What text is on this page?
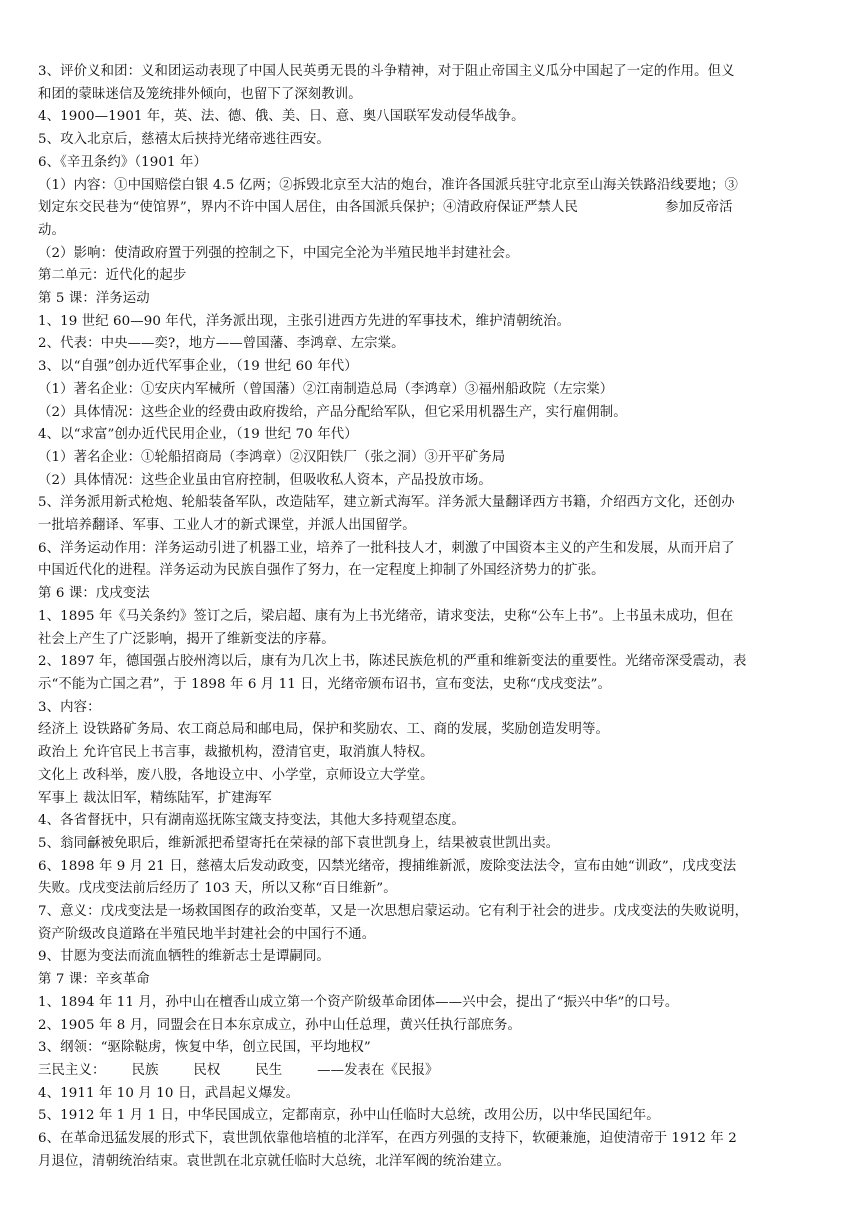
3、评价义和团：义和团运动表现了中国人民英勇无畏的斗争精神，对于阻止帝国主义瓜分中国起了一定的作用。但义
和团的蒙昧迷信及笼统排外倾向，也留下了深刻教训。
4、1900—1901 年，英、法、德、俄、美、日、意、奥八国联军发动侵华战争。
5、攻入北京后，慈禧太后挟持光绪帝逃往西安。
6、《辛丑条约》（1901 年）
（1）内容：①中国赔偿白银 4.5 亿两；②拆毁北京至大沽的炮台，准许各国派兵驻守北京至山海关铁路沿线要地；③
划定东交民巷为“使馆界”，界内不许中国人居住，由各国派兵保护；④清政府保证严禁人民                    参加反帝活
动。
（2）影响：使清政府置于列强的控制之下，中国完全沦为半殖民地半封建社会。
第二单元：近代化的起步
第 5 课：洋务运动
1、19 世纪 60—90 年代，洋务派出现，主张引进西方先进的军事技术，维护清朝统治。
2、代表：中央——奕?，地方——曾国藩、李鸿章、左宗棠。
3、以“自强”创办近代军事企业，（19 世纪 60 年代）
（1）著名企业：①安庆内军械所（曾国藩）②江南制造总局（李鸿章）③福州船政院（左宗棠）
（2）具体情况：这些企业的经费由政府拨给，产品分配给军队，但它采用机器生产，实行雇佣制。
4、以“求富”创办近代民用企业，（19 世纪 70 年代）
（1）著名企业：①轮船招商局（李鸿章）②汉阳铁厂（张之洞）③开平矿务局
（2）具体情况：这些企业虽由官府控制，但吸收私人资本，产品投放市场。
5、洋务派用新式枪炮、轮船装备军队，改造陆军，建立新式海军。洋务派大量翻译西方书籍，介绍西方文化，还创办
一批培养翻译、军事、工业人才的新式课堂，并派人出国留学。
6、洋务运动作用：洋务运动引进了机器工业，培养了一批科技人才，刺激了中国资本主义的产生和发展，从而开启了
中国近代化的进程。洋务运动为民族自强作了努力，在一定程度上抑制了外国经济势力的扩张。
第 6 课：戊戌变法
1、1895 年《马关条约》签订之后，梁启超、康有为上书光绪帝，请求变法，史称“公车上书”。上书虽未成功，但在
社会上产生了广泛影响，揭开了维新变法的序幕。
2、1897 年，德国强占胶州湾以后，康有为几次上书，陈述民族危机的严重和维新变法的重要性。光绪帝深受震动，表
示“不能为亡国之君”，于 1898 年 6 月 11 日，光绪帝颁布诏书，宣布变法，史称“戊戌变法”。
3、内容：
经济上 设铁路矿务局、农工商总局和邮电局，保护和奖励农、工、商的发展，奖励创造发明等。
政治上 允许官民上书言事，裁撤机构，澄清官吏，取消旗人特权。
文化上 改科举，废八股，各地设立中、小学堂，京师设立大学堂。
军事上 裁汰旧军，精练陆军，扩建海军
4、各省督抚中，只有湖南巡抚陈宝箴支持变法，其他大多持观望态度。
5、翁同龢被免职后，维新派把希望寄托在荣禄的部下袁世凯身上，结果被袁世凯出卖。
6、1898 年 9 月 21 日，慈禧太后发动政变，囚禁光绪帝，搜捕维新派，废除变法法令，宣布由她“训政”，戊戌变法
失败。戊戌变法前后经历了 103 天，所以又称“百日维新”。
7、意义：戊戌变法是一场救国图存的政治变革，又是一次思想启蒙运动。它有利于社会的进步。戊戌变法的失败说明，
资产阶级改良道路在半殖民地半封建社会的中国行不通。
9、甘愿为变法而流血牺牲的维新志士是谭嗣同。
第 7 课：辛亥革命
1、1894 年 11 月，孙中山在檀香山成立第一个资产阶级革命团体——兴中会，提出了“振兴中华”的口号。
2、1905 年 8 月，同盟会在日本东京成立，孙中山任总理，黄兴任执行部庶务。
3、纲领：“驱除鞑虏，恢复中华，创立民国，平均地权”
三民主义：      民族        民权        民生        ——发表在《民报》
4、1911 年 10 月 10 日，武昌起义爆发。
5、1912 年 1 月 1 日，中华民国成立，定都南京，孙中山任临时大总统，改用公历，以中华民国纪年。
6、在革命迅猛发展的形式下，袁世凯依靠他培植的北洋军，在西方列强的支持下，软硬兼施，迫使清帝于 1912 年 2
月退位，清朝统治结束。袁世凯在北京就任临时大总统，北洋军阀的统治建立。
